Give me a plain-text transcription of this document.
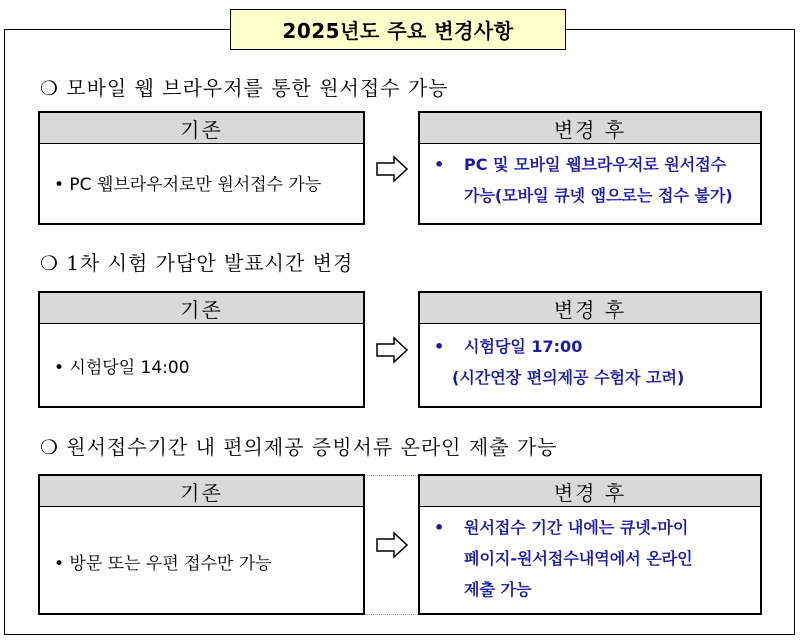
2025년도 주요 변경사항
❍ 모바일 웹 브라우저를 통한 원서접수 가능
기존
• PC 웹브라우저로만 원서접수 가능
변경 후
• PC 및 모바일 웹브라우저로 원서접수
가능(모바일 큐넷 앱으로는 접수 불가)
❍ 1차 시험 가답안 발표시간 변경
기존
• 시험당일 14:00
변경 후
• 시험당일 17:00
(시간연장 편의제공 수험자 고려)
❍ 원서접수기간 내 편의제공 증빙서류 온라인 제출 가능
기존
• 방문 또는 우편 접수만 가능
변경 후
• 원서접수 기간 내에는 큐넷-마이
페이지-원서접수내역에서 온라인
제출 가능
